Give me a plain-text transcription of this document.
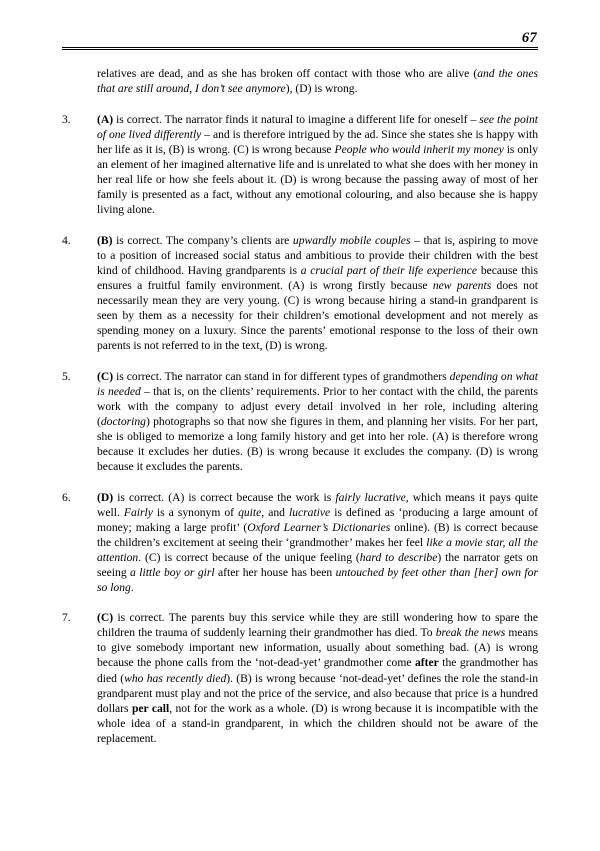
67

relatives are dead, and as she has broken off contact with those who are alive (and the ones that are still around, I don’t see anymore), (D) is wrong.

3.	(A) is correct. The narrator finds it natural to imagine a different life for oneself – see the point of one lived differently – and is therefore intrigued by the ad. Since she states she is happy with her life as it is, (B) is wrong. (C) is wrong because People who would inherit my money is only an element of her imagined alternative life and is unrelated to what she does with her money in her real life or how she feels about it. (D) is wrong because the passing away of most of her family is presented as a fact, without any emotional colouring, and also because she is happy living alone.

4.	(B) is correct. The company’s clients are upwardly mobile couples – that is, aspiring to move to a position of increased social status and ambitious to provide their children with the best kind of childhood. Having grandparents is a crucial part of their life experience because this ensures a fruitful family environment. (A) is wrong firstly because new parents does not necessarily mean they are very young. (C) is wrong because hiring a stand-in grandparent is seen by them as a necessity for their children’s emotional development and not merely as spending money on a luxury. Since the parents’ emotional response to the loss of their own parents is not referred to in the text, (D) is wrong.

5.	(C) is correct. The narrator can stand in for different types of grandmothers depending on what is needed – that is, on the clients’ requirements. Prior to her contact with the child, the parents work with the company to adjust every detail involved in her role, including altering (doctoring) photographs so that now she figures in them, and planning her visits. For her part, she is obliged to memorize a long family history and get into her role. (A) is therefore wrong because it excludes her duties. (B) is wrong because it excludes the company. (D) is wrong because it excludes the parents.

6.	(D) is correct. (A) is correct because the work is fairly lucrative, which means it pays quite well. Fairly is a synonym of quite, and lucrative is defined as ‘producing a large amount of money; making a large profit’ (Oxford Learner’s Dictionaries online). (B) is correct because the children’s excitement at seeing their ‘grandmother’ makes her feel like a movie star, all the attention. (C) is correct because of the unique feeling (hard to describe) the narrator gets on seeing a little boy or girl after her house has been untouched by feet other than [her] own for so long.

7.	(C) is correct. The parents buy this service while they are still wondering how to spare the children the trauma of suddenly learning their grandmother has died. To break the news means to give somebody important new information, usually about something bad. (A) is wrong because the phone calls from the ‘not-dead-yet’ grandmother come after the grandmother has died (who has recently died). (B) is wrong because ‘not-dead-yet’ defines the role the stand-in grandparent must play and not the price of the service, and also because that price is a hundred dollars per call, not for the work as a whole. (D) is wrong because it is incompatible with the whole idea of a stand-in grandparent, in which the children should not be aware of the replacement.
